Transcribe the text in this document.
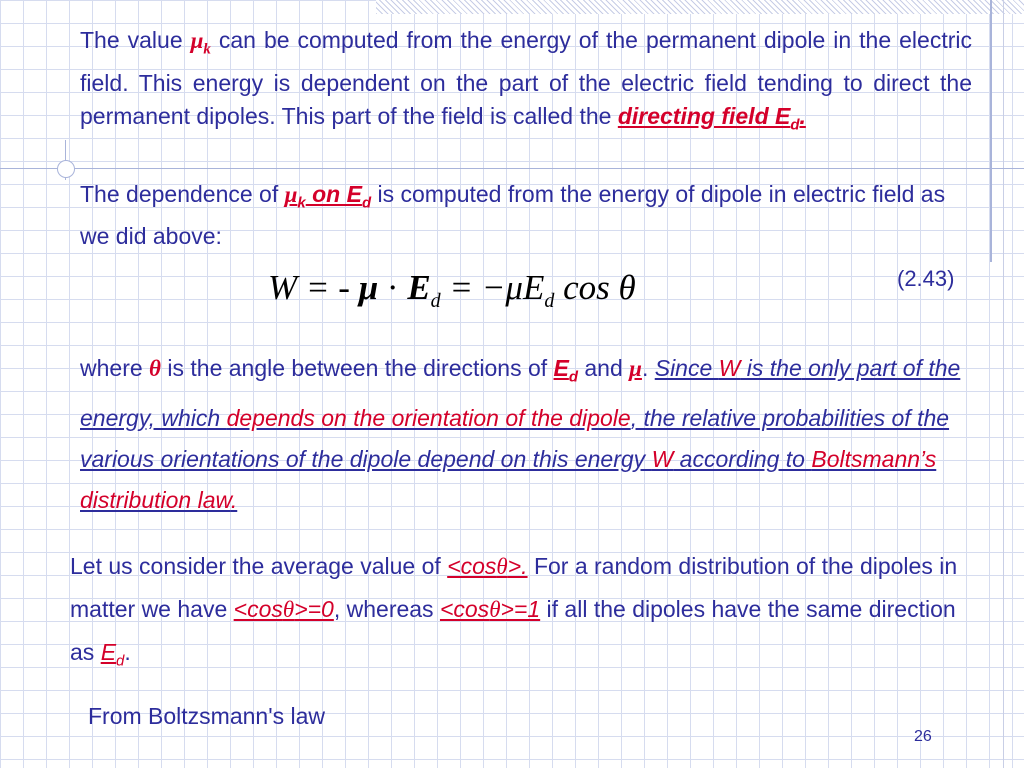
The value $\mu_k$ can be computed from the energy of the permanent dipole in the electric field. This energy is dependent on the part of the electric field tending to direct the permanent dipoles. This part of the field is called the directing field $E_d$.

The dependence of $\mu_k$ on $E_d$ is computed from the energy of dipole in electric field as we did above:

W = - $\mu \cdot E_d = -\mu E_d$ cos θ	(2.43)

where θ is the angle between the directions of $E_d$ and μ. Since W is the only part of the energy, which depends on the orientation of the dipole, the relative probabilities of the various orientations of the dipole depend on this energy W according to Boltsmann’s distribution law.

Let us consider the average value of <cosθ>. For a random distribution of the dipoles in matter we have <cosθ>=0, whereas <cosθ>=1 if all the dipoles have the same direction as $E_d$.

From Boltzsmann's law

26
